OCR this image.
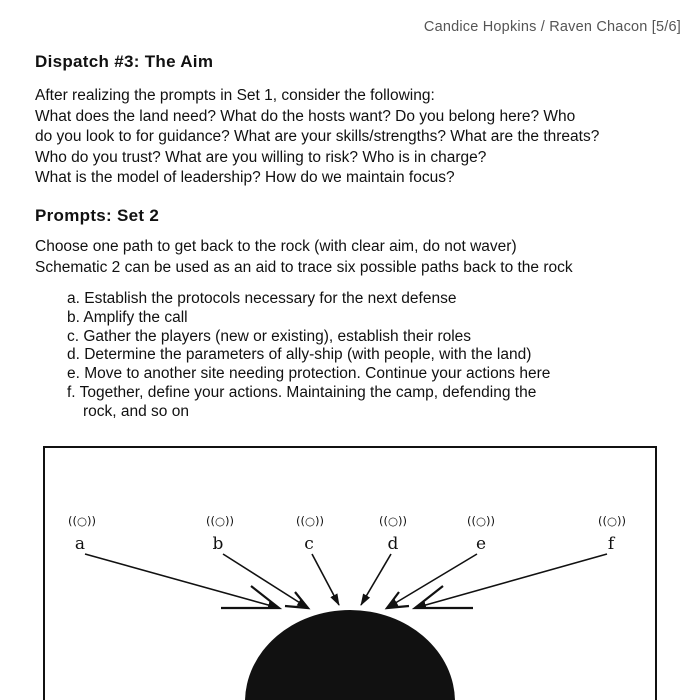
Candice Hopkins / Raven Chacon [5/6]
Dispatch #3: The Aim

After realizing the prompts in Set 1, consider the following:
What does the land need? What do the hosts want? Do you belong here? Who
do you look to for guidance? What are your skills/strengths? What are the threats?
Who do you trust? What are you willing to risk? Who is in charge?
What is the model of leadership? How do we maintain focus?

Prompts: Set 2

Choose one path to get back to the rock (with clear aim, do not waver)
Schematic 2 can be used as an aid to trace six possible paths back to the rock

a. Establish the protocols necessary for the next defense
b. Amplify the call
c. Gather the players (new or existing), establish their roles
d. Determine the parameters of ally-ship (with people, with the land)
e. Move to another site needing protection. Continue your actions here
f. Together, define your actions. Maintaining the camp, defending the
rock, and so on
((○))	((○))	((○))	((○))	((○))	((○))
a	b	c	d	e	f
